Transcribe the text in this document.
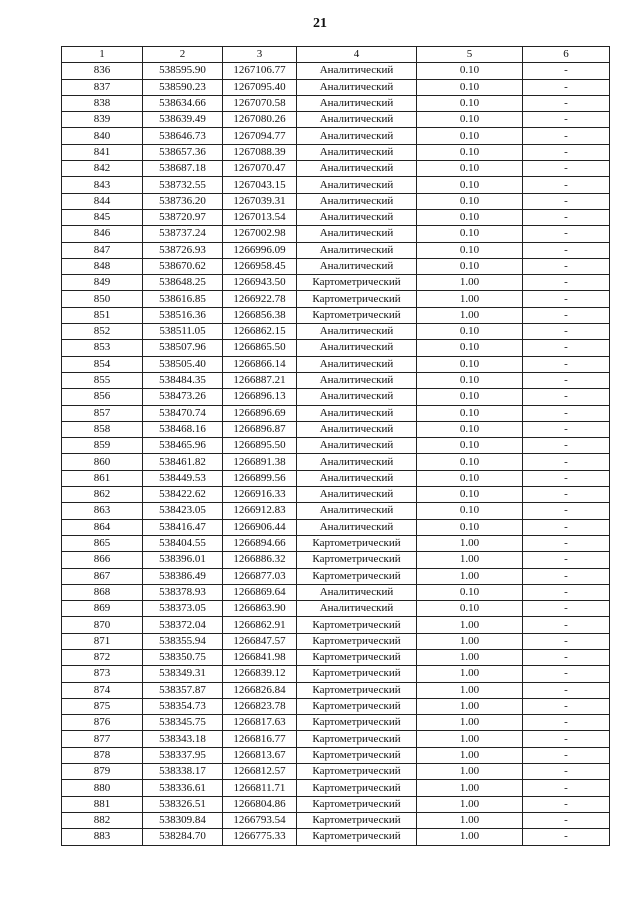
21
1	2	3	4	5	6
836	538595.90	1267106.77	Аналитический	0.10	-
837	538590.23	1267095.40	Аналитический	0.10	-
838	538634.66	1267070.58	Аналитический	0.10	-
839	538639.49	1267080.26	Аналитический	0.10	-
840	538646.73	1267094.77	Аналитический	0.10	-
841	538657.36	1267088.39	Аналитический	0.10	-
842	538687.18	1267070.47	Аналитический	0.10	-
843	538732.55	1267043.15	Аналитический	0.10	-
844	538736.20	1267039.31	Аналитический	0.10	-
845	538720.97	1267013.54	Аналитический	0.10	-
846	538737.24	1267002.98	Аналитический	0.10	-
847	538726.93	1266996.09	Аналитический	0.10	-
848	538670.62	1266958.45	Аналитический	0.10	-
849	538648.25	1266943.50	Картометрический	1.00	-
850	538616.85	1266922.78	Картометрический	1.00	-
851	538516.36	1266856.38	Картометрический	1.00	-
852	538511.05	1266862.15	Аналитический	0.10	-
853	538507.96	1266865.50	Аналитический	0.10	-
854	538505.40	1266866.14	Аналитический	0.10	-
855	538484.35	1266887.21	Аналитический	0.10	-
856	538473.26	1266896.13	Аналитический	0.10	-
857	538470.74	1266896.69	Аналитический	0.10	-
858	538468.16	1266896.87	Аналитический	0.10	-
859	538465.96	1266895.50	Аналитический	0.10	-
860	538461.82	1266891.38	Аналитический	0.10	-
861	538449.53	1266899.56	Аналитический	0.10	-
862	538422.62	1266916.33	Аналитический	0.10	-
863	538423.05	1266912.83	Аналитический	0.10	-
864	538416.47	1266906.44	Аналитический	0.10	-
865	538404.55	1266894.66	Картометрический	1.00	-
866	538396.01	1266886.32	Картометрический	1.00	-
867	538386.49	1266877.03	Картометрический	1.00	-
868	538378.93	1266869.64	Аналитический	0.10	-
869	538373.05	1266863.90	Аналитический	0.10	-
870	538372.04	1266862.91	Картометрический	1.00	-
871	538355.94	1266847.57	Картометрический	1.00	-
872	538350.75	1266841.98	Картометрический	1.00	-
873	538349.31	1266839.12	Картометрический	1.00	-
874	538357.87	1266826.84	Картометрический	1.00	-
875	538354.73	1266823.78	Картометрический	1.00	-
876	538345.75	1266817.63	Картометрический	1.00	-
877	538343.18	1266816.77	Картометрический	1.00	-
878	538337.95	1266813.67	Картометрический	1.00	-
879	538338.17	1266812.57	Картометрический	1.00	-
880	538336.61	1266811.71	Картометрический	1.00	-
881	538326.51	1266804.86	Картометрический	1.00	-
882	538309.84	1266793.54	Картометрический	1.00	-
883	538284.70	1266775.33	Картометрический	1.00	-
